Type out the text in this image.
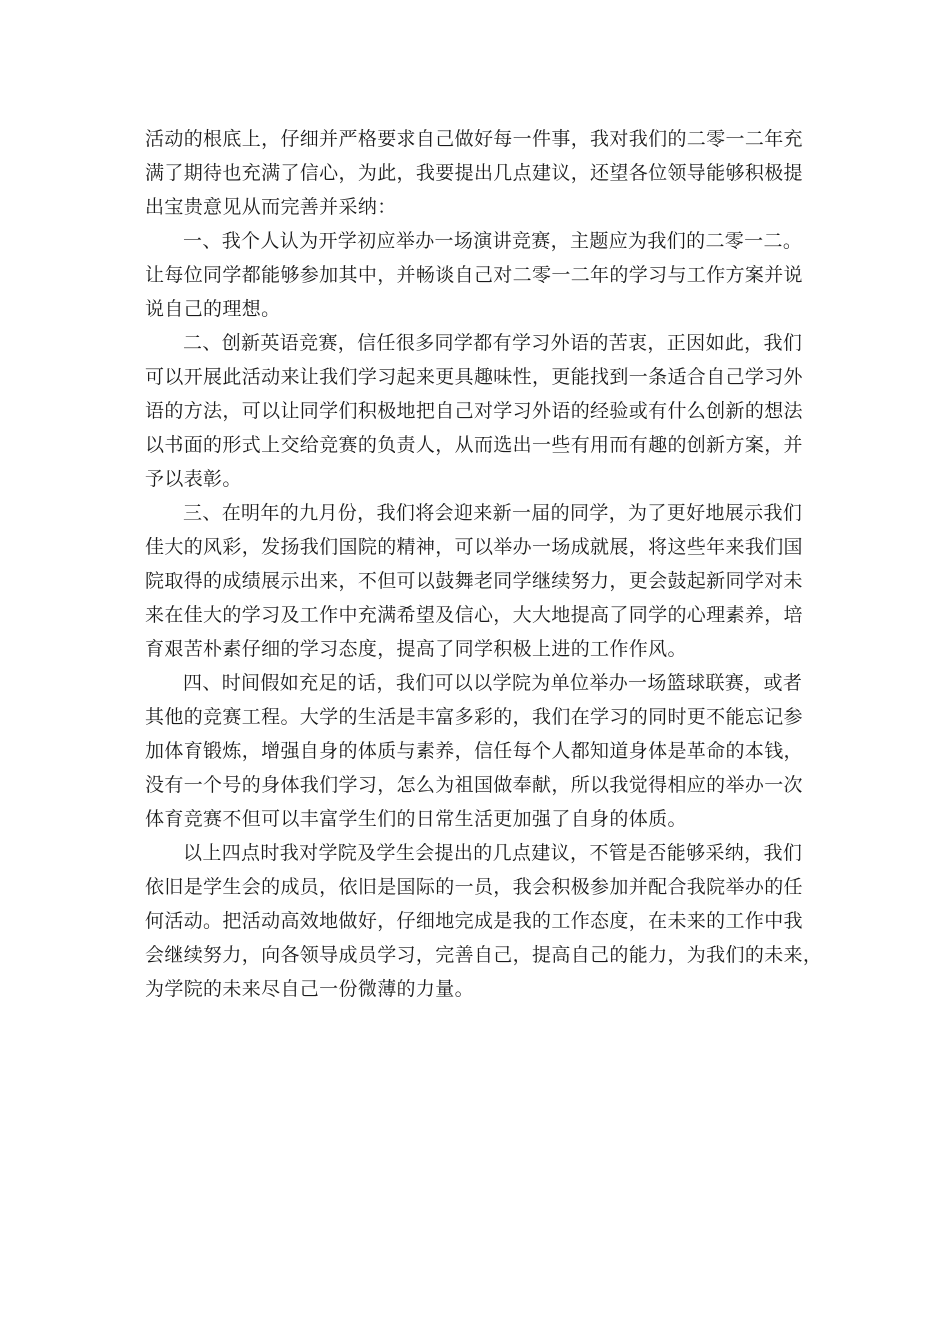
活动的根底上，仔细并严格要求自己做好每一件事，我对我们的二零一二年充
满了期待也充满了信心，为此，我要提出几点建议，还望各位领导能够积极提
出宝贵意见从而完善并采纳：
一、我个人认为开学初应举办一场演讲竞赛，主题应为我们的二零一二。
让每位同学都能够参加其中，并畅谈自己对二零一二年的学习与工作方案并说
说自己的理想。
二、创新英语竞赛，信任很多同学都有学习外语的苦衷，正因如此，我们
可以开展此活动来让我们学习起来更具趣味性，更能找到一条适合自己学习外
语的方法，可以让同学们积极地把自己对学习外语的经验或有什么创新的想法
以书面的形式上交给竞赛的负责人，从而选出一些有用而有趣的创新方案，并
予以表彰。
三、在明年的九月份，我们将会迎来新一届的同学，为了更好地展示我们
佳大的风彩，发扬我们国院的精神，可以举办一场成就展，将这些年来我们国
院取得的成绩展示出来，不但可以鼓舞老同学继续努力，更会鼓起新同学对未
来在佳大的学习及工作中充满希望及信心，大大地提高了同学的心理素养，培
育艰苦朴素仔细的学习态度，提高了同学积极上进的工作作风。
四、时间假如充足的话，我们可以以学院为单位举办一场篮球联赛，或者
其他的竞赛工程。大学的生活是丰富多彩的，我们在学习的同时更不能忘记参
加体育锻炼，增强自身的体质与素养，信任每个人都知道身体是革命的本钱，
没有一个号的身体我们学习，怎么为祖国做奉献，所以我觉得相应的举办一次
体育竞赛不但可以丰富学生们的日常生活更加强了自身的体质。
以上四点时我对学院及学生会提出的几点建议，不管是否能够采纳，我们
依旧是学生会的成员，依旧是国际的一员，我会积极参加并配合我院举办的任
何活动。把活动高效地做好，仔细地完成是我的工作态度，在未来的工作中我
会继续努力，向各领导成员学习，完善自己，提高自己的能力，为我们的未来，
为学院的未来尽自己一份微薄的力量。
